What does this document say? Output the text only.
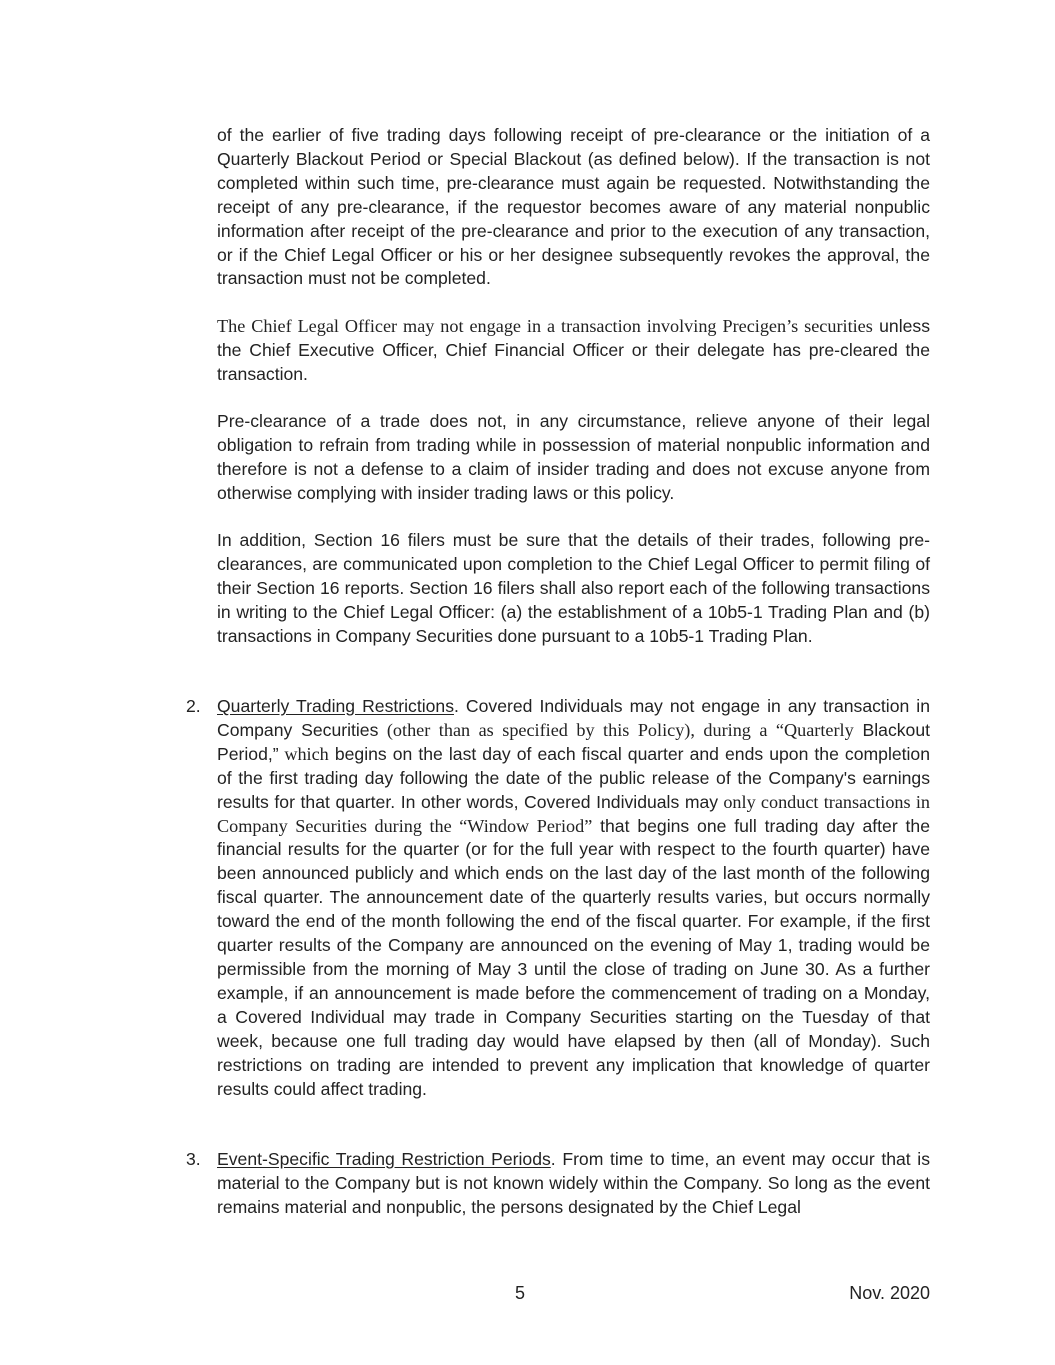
of the earlier of five trading days following receipt of pre-clearance or the initiation of a Quarterly Blackout Period or Special Blackout (as defined below). If the transaction is not completed within such time, pre-clearance must again be requested. Notwithstanding the receipt of any pre-clearance, if the requestor becomes aware of any material nonpublic information after receipt of the pre-clearance and prior to the execution of any transaction, or if the Chief Legal Officer or his or her designee subsequently revokes the approval, the transaction must not be completed.

The Chief Legal Officer may not engage in a transaction involving Precigen’s securities unless the Chief Executive Officer, Chief Financial Officer or their delegate has pre-cleared the transaction.

Pre-clearance of a trade does not, in any circumstance, relieve anyone of their legal obligation to refrain from trading while in possession of material nonpublic information and therefore is not a defense to a claim of insider trading and does not excuse anyone from otherwise complying with insider trading laws or this policy.

In addition, Section 16 filers must be sure that the details of their trades, following pre-clearances, are communicated upon completion to the Chief Legal Officer to permit filing of their Section 16 reports. Section 16 filers shall also report each of the following transactions in writing to the Chief Legal Officer: (a) the establishment of a 10b5-1 Trading Plan and (b) transactions in Company Securities done pursuant to a 10b5-1 Trading Plan.

2. Quarterly Trading Restrictions. Covered Individuals may not engage in any transaction in Company Securities (other than as specified by this Policy), during a “Quarterly Blackout Period,” which begins on the last day of each fiscal quarter and ends upon the completion of the first trading day following the date of the public release of the Company's earnings results for that quarter. In other words, Covered Individuals may only conduct transactions in Company Securities during the “Window Period” that begins one full trading day after the financial results for the quarter (or for the full year with respect to the fourth quarter) have been announced publicly and which ends on the last day of the last month of the following fiscal quarter. The announcement date of the quarterly results varies, but occurs normally toward the end of the month following the end of the fiscal quarter. For example, if the first quarter results of the Company are announced on the evening of May 1, trading would be permissible from the morning of May 3 until the close of trading on June 30. As a further example, if an announcement is made before the commencement of trading on a Monday, a Covered Individual may trade in Company Securities starting on the Tuesday of that week, because one full trading day would have elapsed by then (all of Monday). Such restrictions on trading are intended to prevent any implication that knowledge of quarter results could affect trading.

3. Event-Specific Trading Restriction Periods. From time to time, an event may occur that is material to the Company but is not known widely within the Company. So long as the event remains material and nonpublic, the persons designated by the Chief Legal

5	Nov. 2020
